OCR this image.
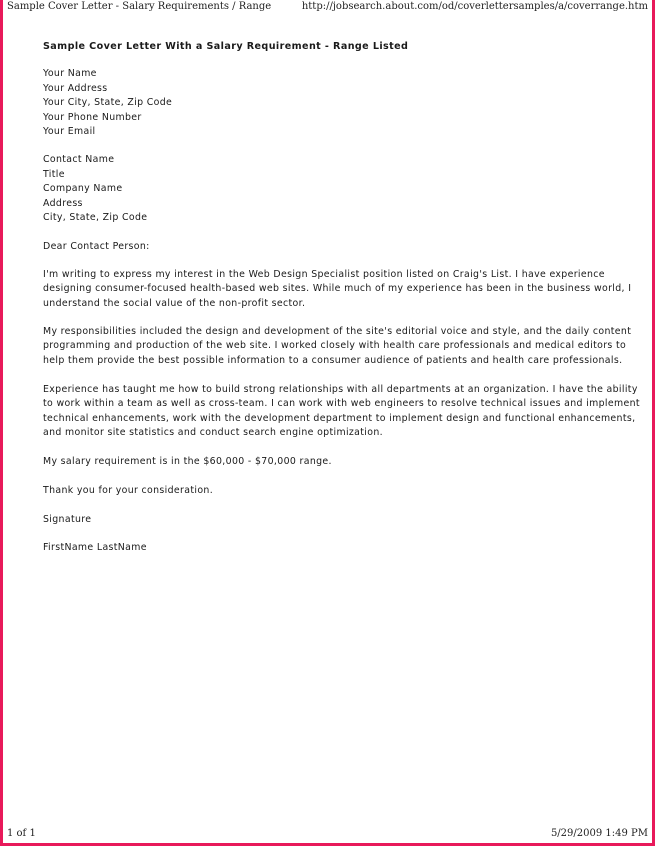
Sample Cover Letter - Salary Requirements / Range	http://jobsearch.about.com/od/coverlettersamples/a/coverrange.htm
Sample Cover Letter With a Salary Requirement - Range Listed
Your Name
Your Address
Your City, State, Zip Code
Your Phone Number
Your Email
Contact Name
Title
Company Name
Address
City, State, Zip Code
Dear Contact Person:
I'm writing to express my interest in the Web Design Specialist position listed on Craig's List. I have experience
designing consumer-focused health-based web sites. While much of my experience has been in the business world, I
understand the social value of the non-profit sector.
My responsibilities included the design and development of the site's editorial voice and style, and the daily content
programming and production of the web site. I worked closely with health care professionals and medical editors to
help them provide the best possible information to a consumer audience of patients and health care professionals.
Experience has taught me how to build strong relationships with all departments at an organization. I have the ability
to work within a team as well as cross-team. I can work with web engineers to resolve technical issues and implement
technical enhancements, work with the development department to implement design and functional enhancements,
and monitor site statistics and conduct search engine optimization.
My salary requirement is in the $60,000 - $70,000 range.
Thank you for your consideration.
Signature
FirstName LastName
1 of 1	5/29/2009 1:49 PM
